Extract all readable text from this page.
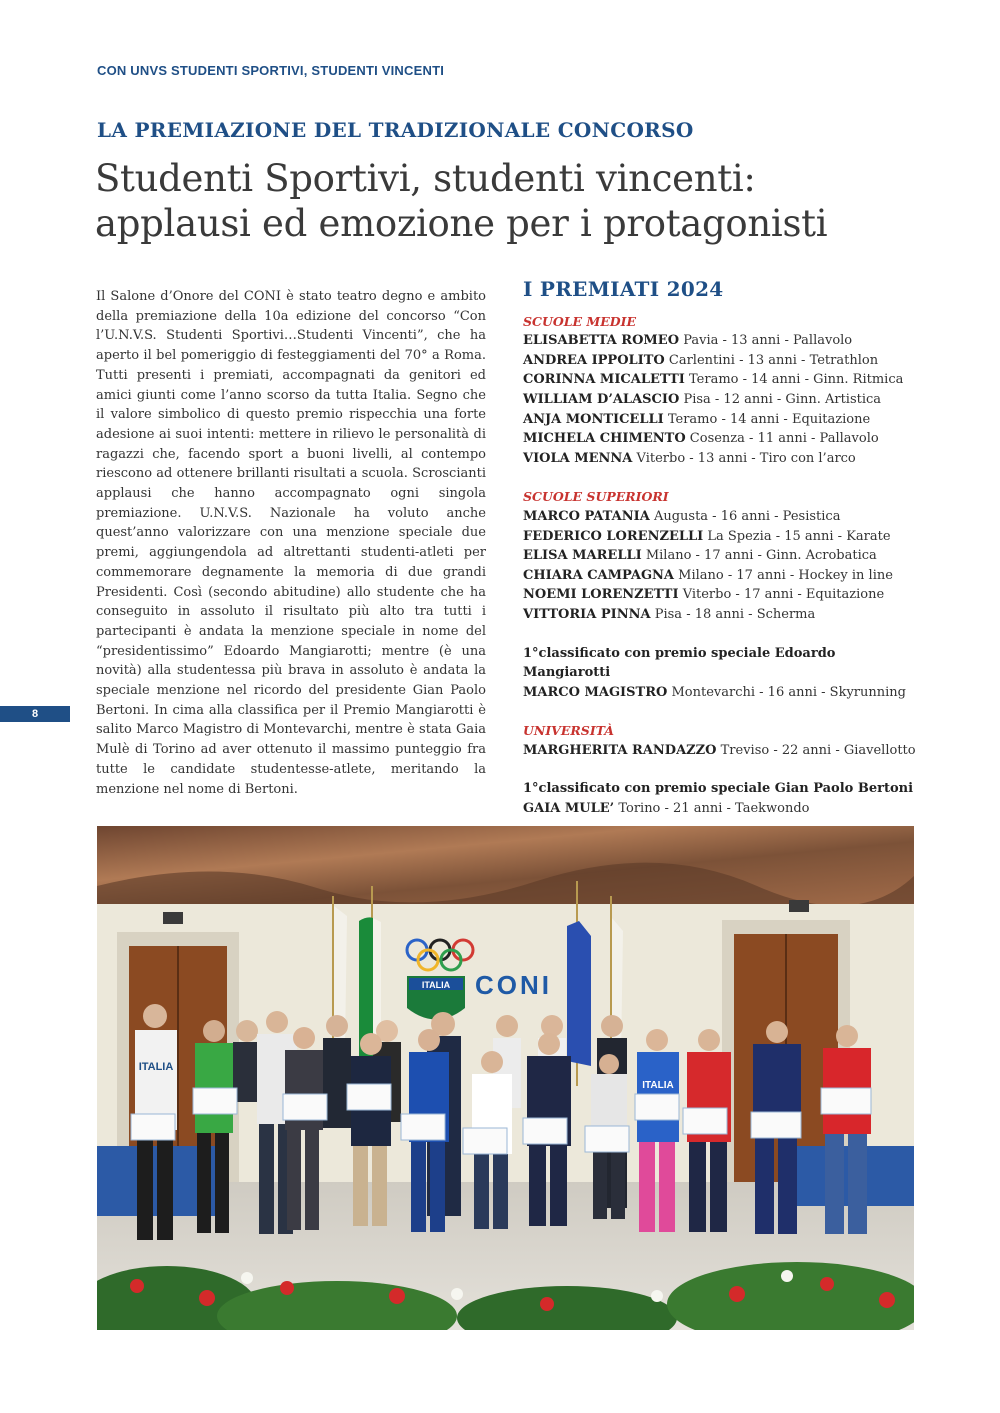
CON UNVS STUDENTI SPORTIVI, STUDENTI VINCENTI
LA PREMIAZIONE DEL TRADIZIONALE CONCORSO
Studenti Sportivi, studenti vincenti:
applausi ed emozione per i protagonisti
Il Salone d’Onore del CONI è stato teatro degno e ambito della premiazione della 10a edizione del concorso “Con l’U.N.V.S. Studenti Sportivi…Studenti Vincenti”, che ha aperto il bel pomeriggio di festeggiamenti del 70° a Roma. Tutti presenti i premiati, accompagnati da genitori ed amici giunti come l’anno scorso da tutta Italia. Segno che il valore simbolico di questo premio rispecchia una forte adesione ai suoi intenti: mettere in rilievo le personalità di ragazzi che, facendo sport a buoni livelli, al contempo riescono ad ottenere brillanti risultati a scuola. Scroscianti applausi che hanno accompagnato ogni singola premiazione. U.N.V.S. Nazionale ha voluto anche quest’anno valorizzare con una menzione speciale due premi, aggiungendola ad altrettanti studenti-atleti per commemorare degnamente la memoria di due grandi Presidenti. Così (secondo abitudine) allo studente che ha conseguito in assoluto il risultato più alto tra tutti i partecipanti è andata la menzione speciale in nome del “presidentissimo” Edoardo Mangiarotti; mentre (è una novità) alla studentessa più brava in assoluto è andata la speciale menzione nel ricordo del presidente Gian Paolo Bertoni. In cima alla classifica per il Premio Mangiarotti è salito Marco Magistro di Montevarchi, mentre è stata Gaia Mulè di Torino ad aver ottenuto il massimo punteggio fra tutte le candidate studentesse-atlete, meritando la menzione nel nome di Bertoni.
I PREMIATI 2024
SCUOLE MEDIE
ELISABETTA ROMEO Pavia - 13 anni - Pallavolo
ANDREA IPPOLITO Carlentini - 13 anni - Tetrathlon
CORINNA MICALETTI Teramo - 14 anni - Ginn. Ritmica
WILLIAM D’ALASCIO Pisa - 12 anni - Ginn. Artistica
ANJA MONTICELLI Teramo - 14 anni - Equitazione
MICHELA CHIMENTO Cosenza - 11 anni - Pallavolo
VIOLA MENNA Viterbo - 13 anni - Tiro con l’arco
SCUOLE SUPERIORI
MARCO PATANIA Augusta - 16 anni - Pesistica
FEDERICO LORENZELLI La Spezia - 15 anni - Karate
ELISA MARELLI Milano - 17 anni - Ginn. Acrobatica
CHIARA CAMPAGNA Milano - 17 anni - Hockey in line
NOEMI LORENZETTI Viterbo - 17 anni - Equitazione
VITTORIA PINNA Pisa - 18 anni - Scherma
1°classificato con premio speciale Edoardo Mangiarotti
MARCO MAGISTRO Montevarchi - 16 anni - Skyrunning
UNIVERSITÀ
MARGHERITA RANDAZZO Treviso - 22 anni - Giavellotto
1°classificato con premio speciale Gian Paolo Bertoni
GAIA MULE’ Torino - 21 anni - Taekwondo
8
ITALIA CONI
ITALIA
ITALIA
